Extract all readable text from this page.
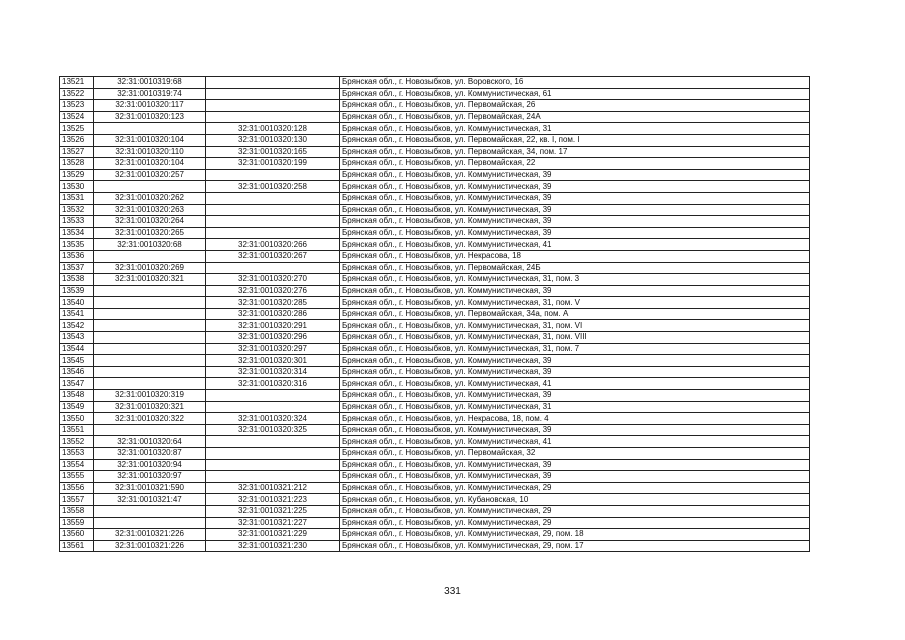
13521	32:31:0010319:68		Брянская обл., г. Новозыбков, ул. Воровского, 16
13522	32:31:0010319:74		Брянская обл., г. Новозыбков, ул. Коммунистическая, 61
13523	32:31:0010320:117		Брянская обл., г. Новозыбков, ул. Первомайская, 26
13524	32:31:0010320:123		Брянская обл., г. Новозыбков, ул. Первомайская, 24А
13525		32:31:0010320:128	Брянская обл., г. Новозыбков, ул. Коммунистическая, 31
13526	32:31:0010320:104	32:31:0010320:130	Брянская обл., г. Новозыбков, ул. Первомайская, 22, кв. I, пом. I
13527	32:31:0010320:110	32:31:0010320:165	Брянская обл., г. Новозыбков, ул. Первомайская, 34, пом. 17
13528	32:31:0010320:104	32:31:0010320:199	Брянская обл., г. Новозыбков, ул. Первомайская, 22
13529	32:31:0010320:257		Брянская обл., г. Новозыбков, ул. Коммунистическая, 39
13530		32:31:0010320:258	Брянская обл., г. Новозыбков, ул. Коммунистическая, 39
13531	32:31:0010320:262		Брянская обл., г. Новозыбков, ул. Коммунистическая, 39
13532	32:31:0010320:263		Брянская обл., г. Новозыбков, ул. Коммунистическая, 39
13533	32:31:0010320:264		Брянская обл., г. Новозыбков, ул. Коммунистическая, 39
13534	32:31:0010320:265		Брянская обл., г. Новозыбков, ул. Коммунистическая, 39
13535	32:31:0010320:68	32:31:0010320:266	Брянская обл., г. Новозыбков, ул. Коммунистическая, 41
13536		32:31:0010320:267	Брянская обл., г. Новозыбков, ул. Некрасова, 18
13537	32:31:0010320:269		Брянская обл., г. Новозыбков, ул. Первомайская, 24Б
13538	32:31:0010320:321	32:31:0010320:270	Брянская обл., г. Новозыбков, ул. Коммунистическая, 31, пом. 3
13539		32:31:0010320:276	Брянская обл., г. Новозыбков, ул. Коммунистическая, 39
13540		32:31:0010320:285	Брянская обл., г. Новозыбков, ул. Коммунистическая, 31, пом. V
13541		32:31:0010320:286	Брянская обл., г. Новозыбков, ул. Первомайская, 34а, пом. А
13542		32:31:0010320:291	Брянская обл., г. Новозыбков, ул. Коммунистическая, 31, пом. VI
13543		32:31:0010320:296	Брянская обл., г. Новозыбков, ул. Коммунистическая, 31, пом. VIII
13544		32:31:0010320:297	Брянская обл., г. Новозыбков, ул. Коммунистическая, 31, пом. 7
13545		32:31:0010320:301	Брянская обл., г. Новозыбков, ул. Коммунистическая, 39
13546		32:31:0010320:314	Брянская обл., г. Новозыбков, ул. Коммунистическая, 39
13547		32:31:0010320:316	Брянская обл., г. Новозыбков, ул. Коммунистическая, 41
13548	32:31:0010320:319		Брянская обл., г. Новозыбков, ул. Коммунистическая, 39
13549	32:31:0010320:321		Брянская обл., г. Новозыбков, ул. Коммунистическая, 31
13550	32:31:0010320:322	32:31:0010320:324	Брянская обл., г. Новозыбков, ул. Некрасова, 18, пом. 4
13551		32:31:0010320:325	Брянская обл., г. Новозыбков, ул. Коммунистическая, 39
13552	32:31:0010320:64		Брянская обл., г. Новозыбков, ул. Коммунистическая, 41
13553	32:31:0010320:87		Брянская обл., г. Новозыбков, ул. Первомайская, 32
13554	32:31:0010320:94		Брянская обл., г. Новозыбков, ул. Коммунистическая, 39
13555	32:31:0010320:97		Брянская обл., г. Новозыбков, ул. Коммунистическая, 39
13556	32:31:0010321:590	32:31:0010321:212	Брянская обл., г. Новозыбков, ул. Коммунистическая, 29
13557	32:31:0010321:47	32:31:0010321:223	Брянская обл., г. Новозыбков, ул. Кубановская, 10
13558		32:31:0010321:225	Брянская обл., г. Новозыбков, ул. Коммунистическая, 29
13559		32:31:0010321:227	Брянская обл., г. Новозыбков, ул. Коммунистическая, 29
13560	32:31:0010321:226	32:31:0010321:229	Брянская обл., г. Новозыбков, ул. Коммунистическая, 29, пом. 18
13561	32:31:0010321:226	32:31:0010321:230	Брянская обл., г. Новозыбков, ул. Коммунистическая, 29, пом. 17
331
